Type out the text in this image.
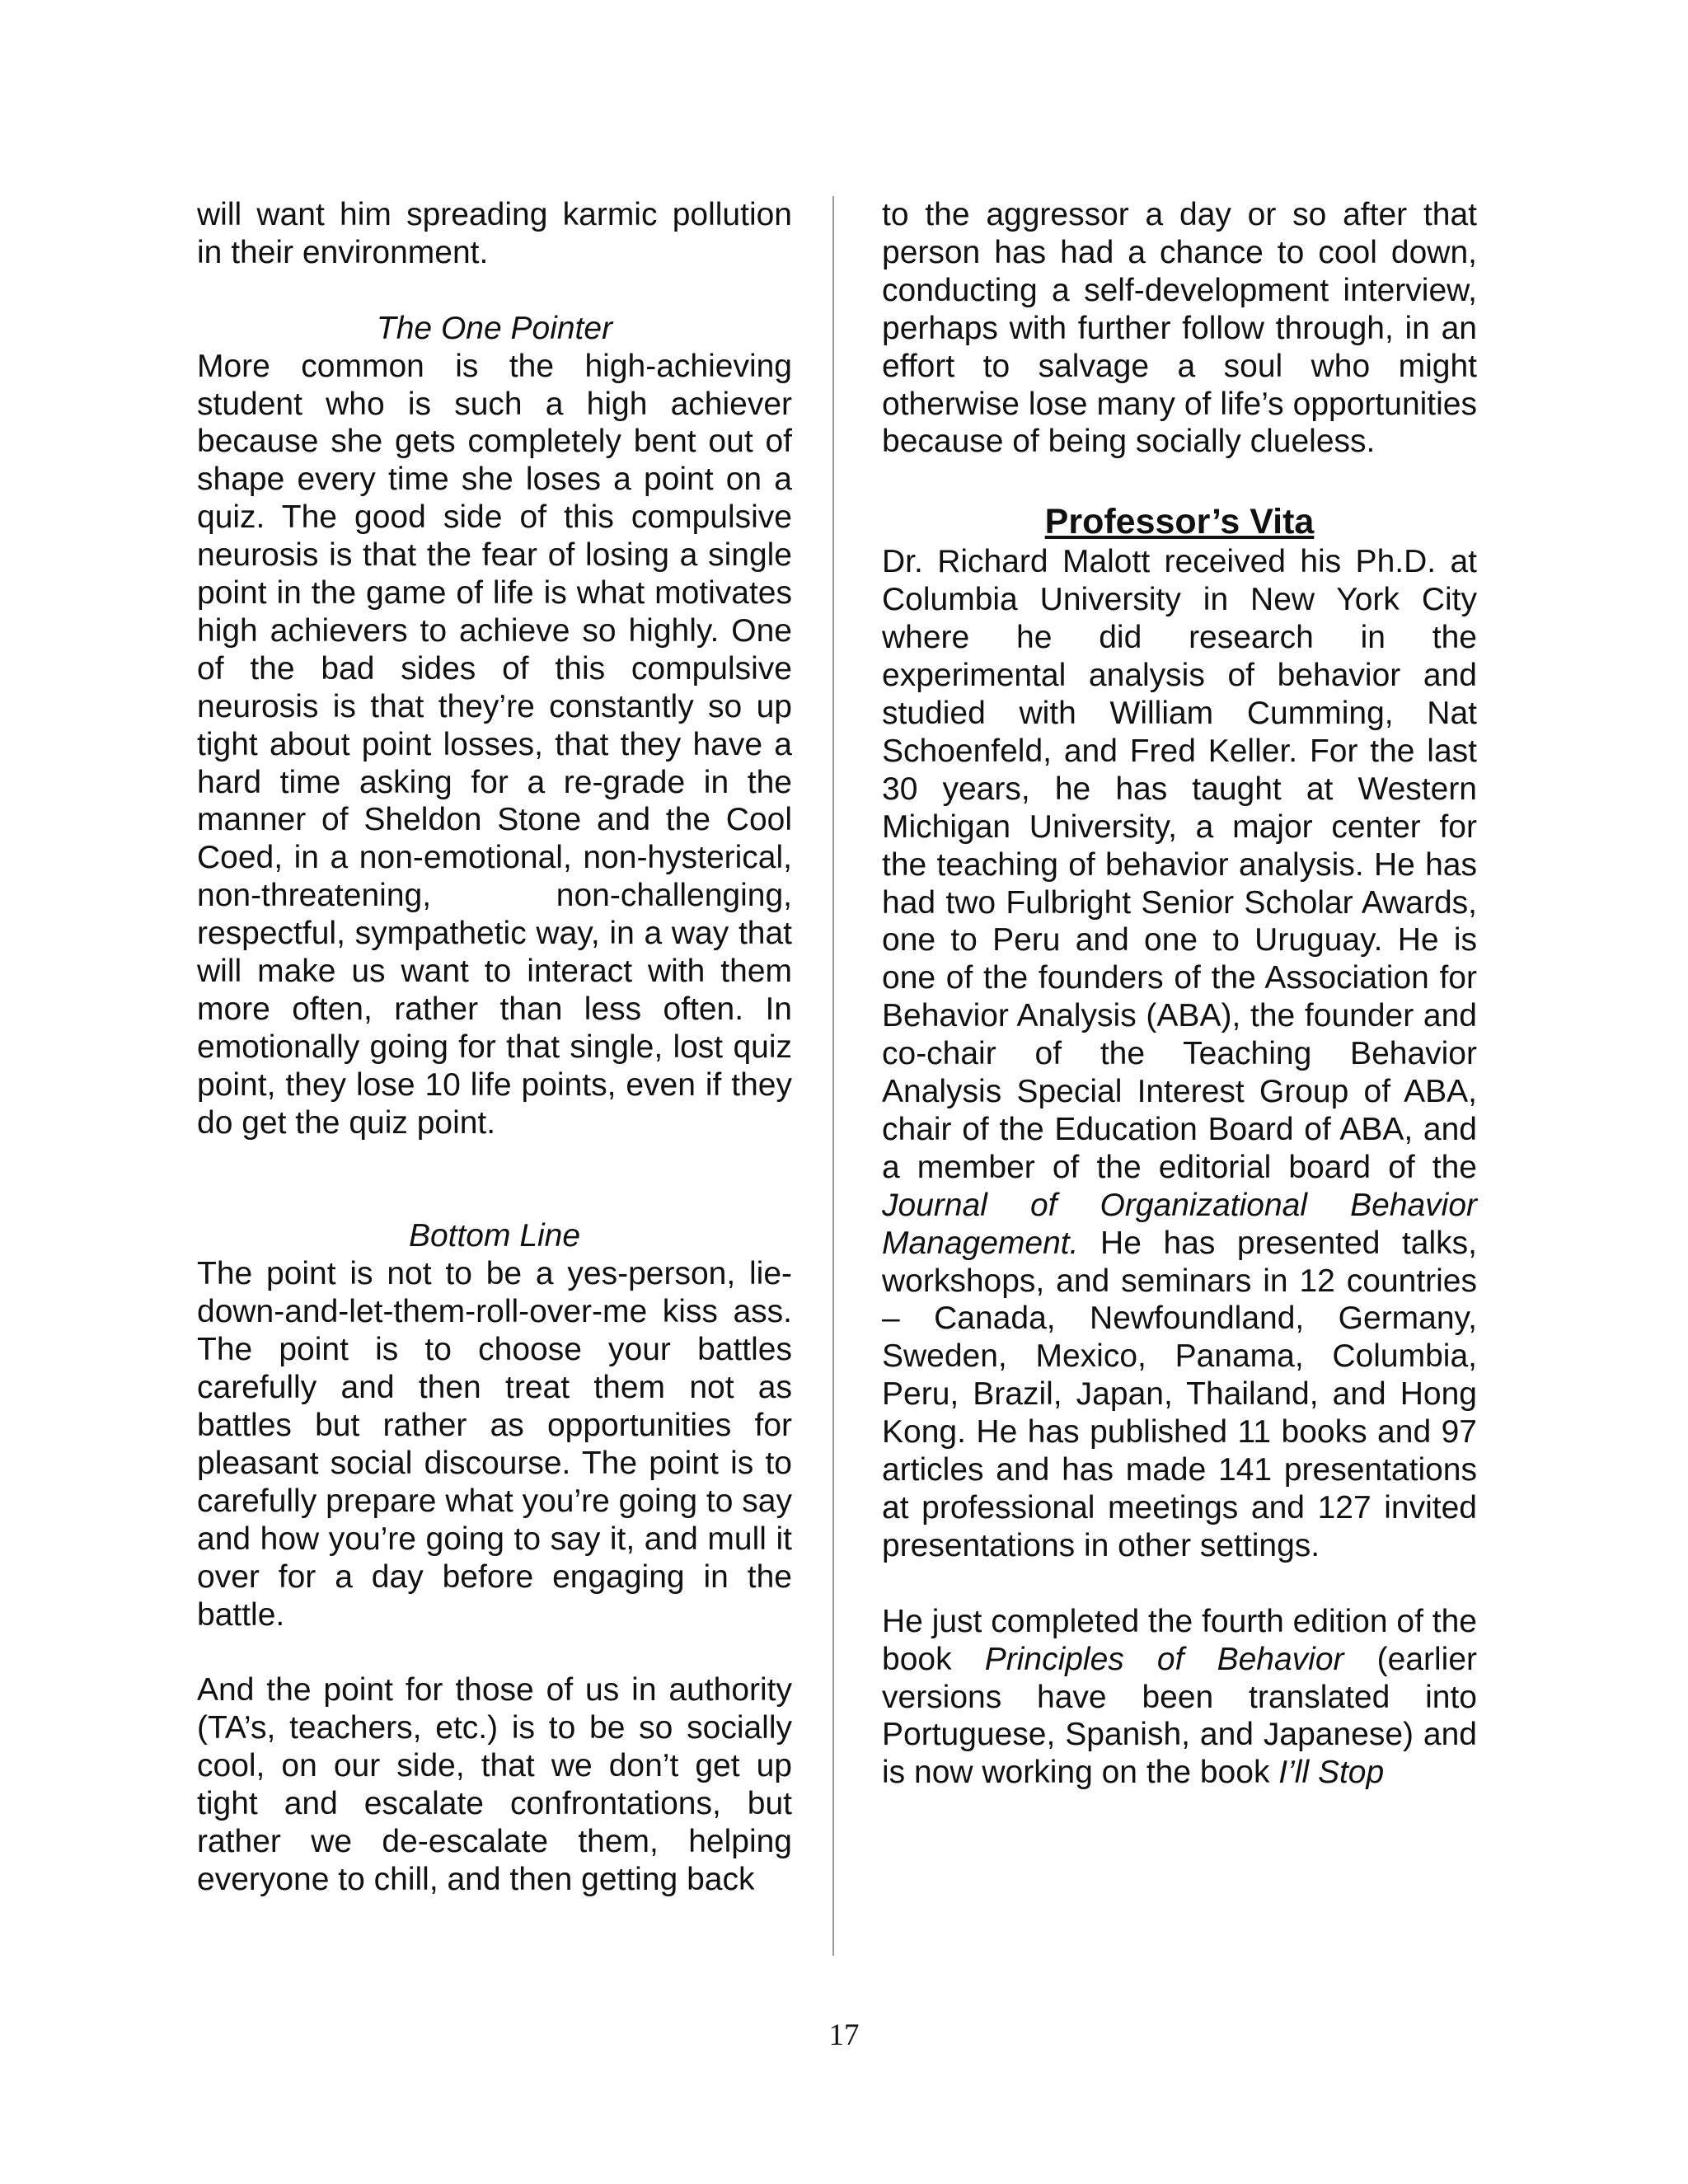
will want him spreading karmic pollution in their environment.

The One Pointer

More common is the high-achieving student who is such a high achiever because she gets completely bent out of shape every time she loses a point on a quiz. The good side of this compulsive neurosis is that the fear of losing a single point in the game of life is what motivates high achievers to achieve so highly. One of the bad sides of this compulsive neurosis is that they’re constantly so up tight about point losses, that they have a hard time asking for a re-grade in the manner of Sheldon Stone and the Cool Coed, in a non-emotional, non-hysterical, non-threatening, non-challenging, respectful, sympathetic way, in a way that will make us want to interact with them more often, rather than less often. In emotionally going for that single, lost quiz point, they lose 10 life points, even if they do get the quiz point.

Bottom Line

The point is not to be a yes-person, lie-down-and-let-them-roll-over-me kiss ass. The point is to choose your battles carefully and then treat them not as battles but rather as opportunities for pleasant social discourse. The point is to carefully prepare what you’re going to say and how you’re going to say it, and mull it over for a day before engaging in the battle.

And the point for those of us in authority (TA’s, teachers, etc.) is to be so socially cool, on our side, that we don’t get up tight and escalate confrontations, but rather we de-escalate them, helping everyone to chill, and then getting back

to the aggressor a day or so after that person has had a chance to cool down, conducting a self-development interview, perhaps with further follow through, in an effort to salvage a soul who might otherwise lose many of life’s opportunities because of being socially clueless.

Professor’s Vita

Dr. Richard Malott received his Ph.D. at Columbia University in New York City where he did research in the experimental analysis of behavior and studied with William Cumming, Nat Schoenfeld, and Fred Keller. For the last 30 years, he has taught at Western Michigan University, a major center for the teaching of behavior analysis. He has had two Fulbright Senior Scholar Awards, one to Peru and one to Uruguay. He is one of the founders of the Association for Behavior Analysis (ABA), the founder and co-chair of the Teaching Behavior Analysis Special Interest Group of ABA, chair of the Education Board of ABA, and a member of the editorial board of the Journal of Organizational Behavior Management. He has presented talks, workshops, and seminars in 12 countries – Canada, Newfoundland, Germany, Sweden, Mexico, Panama, Columbia, Peru, Brazil, Japan, Thailand, and Hong Kong. He has published 11 books and 97 articles and has made 141 presentations at professional meetings and 127 invited presentations in other settings.

He just completed the fourth edition of the book Principles of Behavior (earlier versions have been translated into Portuguese, Spanish, and Japanese) and is now working on the book I’ll Stop

17
